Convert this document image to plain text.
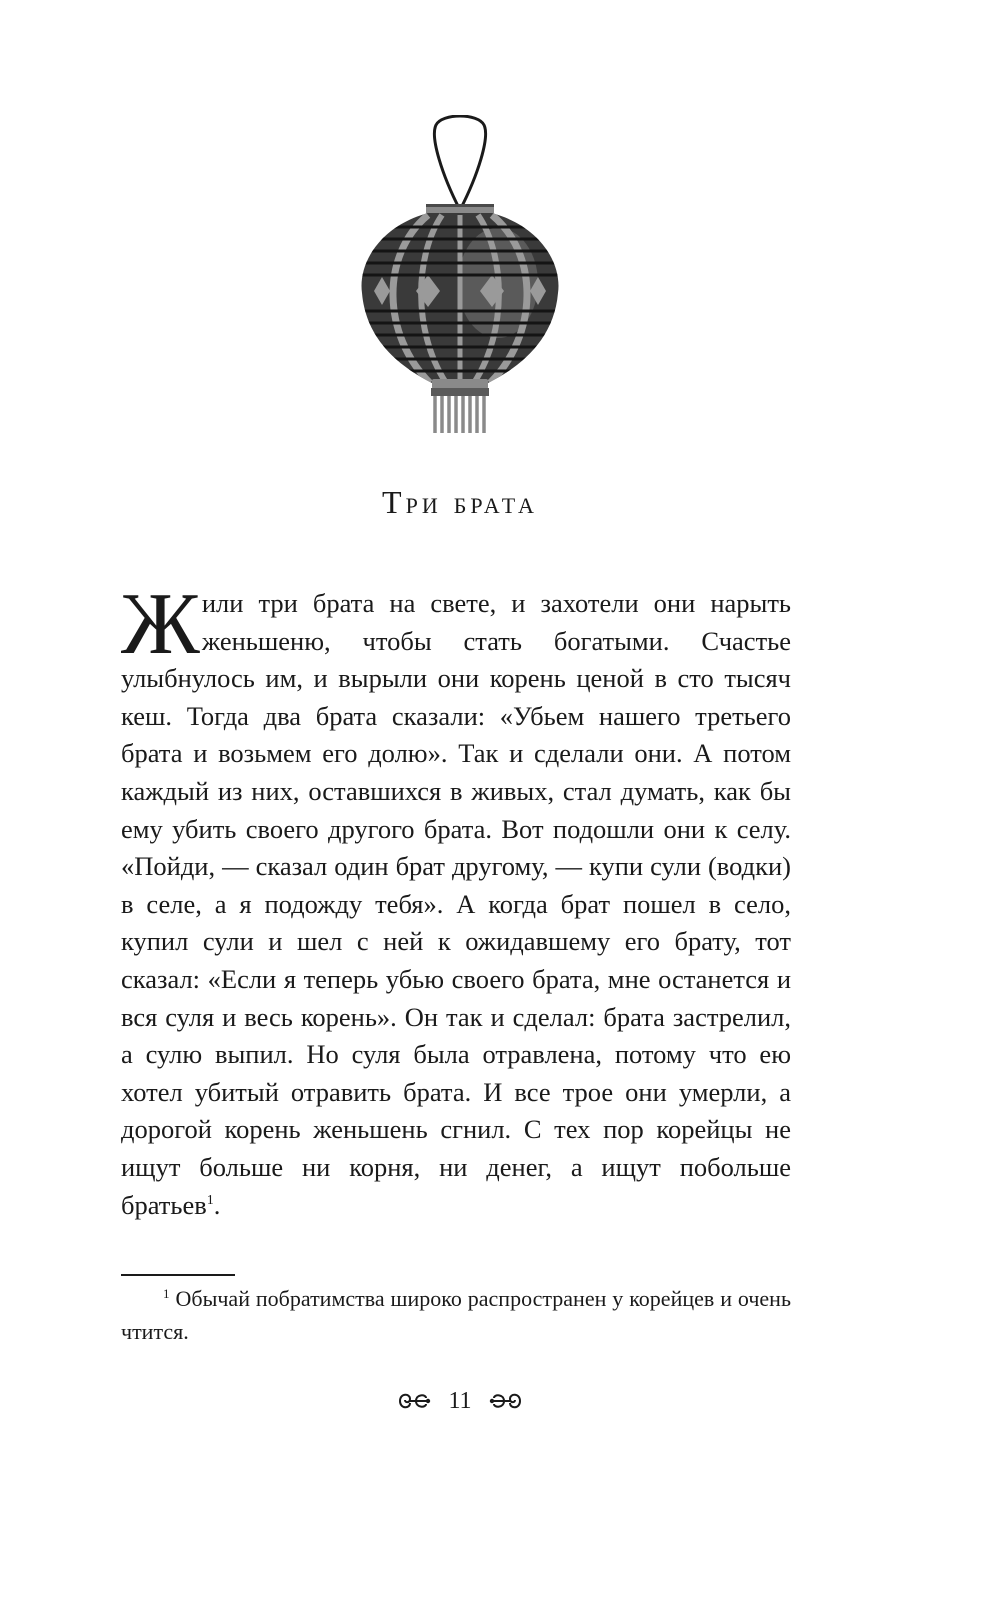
Три брата

Жили три брата на свете, и захотели они нарыть женьшеню, чтобы стать богатыми. Счастье улыбнулось им, и вырыли они корень ценой в сто тысяч кеш. Тогда два брата сказали: «Убьем нашего третьего брата и возьмем его долю». Так и сделали они. А потом каждый из них, оставшихся в живых, стал думать, как бы ему убить своего другого брата. Вот подошли они к селу. «Пойди, — сказал один брат другому, — купи сули (водки) в селе, а я подожду тебя». А когда брат пошел в село, купил сули и шел с ней к ожидавшему его брату, тот сказал: «Если я теперь убью своего брата, мне останется и вся суля и весь корень». Он так и сделал: брата застрелил, а сулю выпил. Но суля была отравлена, потому что ею хотел убитый отравить брата. И все трое они умерли, а дорогой корень женьшень сгнил. С тех пор корейцы не ищут больше ни корня, ни денег, а ищут побольше братьев$^1$.

$^1$ Обычай побратимства широко распространен у корейцев и очень чтится.

11
